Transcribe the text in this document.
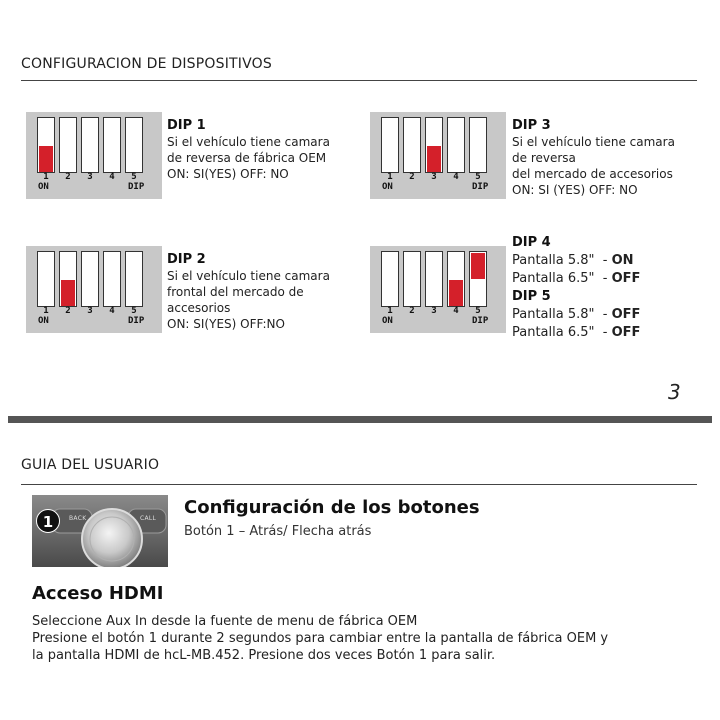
CONFIGURACION DE DISPOSITIVOS
1	2	3	4	5
ON	DIP
DIP 1
Si el vehículo tiene camara
de reversa de fábrica OEM
ON: SI(YES) OFF: NO	1	2	3	4	5
ON	DIP
DIP 3
Si el vehículo tiene camara
de reversa
del mercado de accesorios
ON: SI (YES) OFF: NO
1	2	3	4	5
ON	DIP
DIP 2
Si el vehículo tiene camara
frontal del mercado de
accesorios
ON: SI(YES) OFF:NO
1	2	3	4	5
ON	DIP
DIP 4
Pantalla 5.8" - ON
Pantalla 6.5" - OFF
DIP 5
Pantalla 5.8" - OFF
Pantalla 6.5" - OFF
3
GUIA DEL USUARIO
BACK	CALL
1
Configuración de los botones
Botón 1 – Atrás/ Flecha atrás
Acceso HDMI
Seleccione Aux In desde la fuente de menu de fábrica OEM
Presione el botón 1 durante 2 segundos para cambiar entre la pantalla de fábrica OEM y
la pantalla HDMI de hcL-MB.452. Presione dos veces Botón 1 para salir.
